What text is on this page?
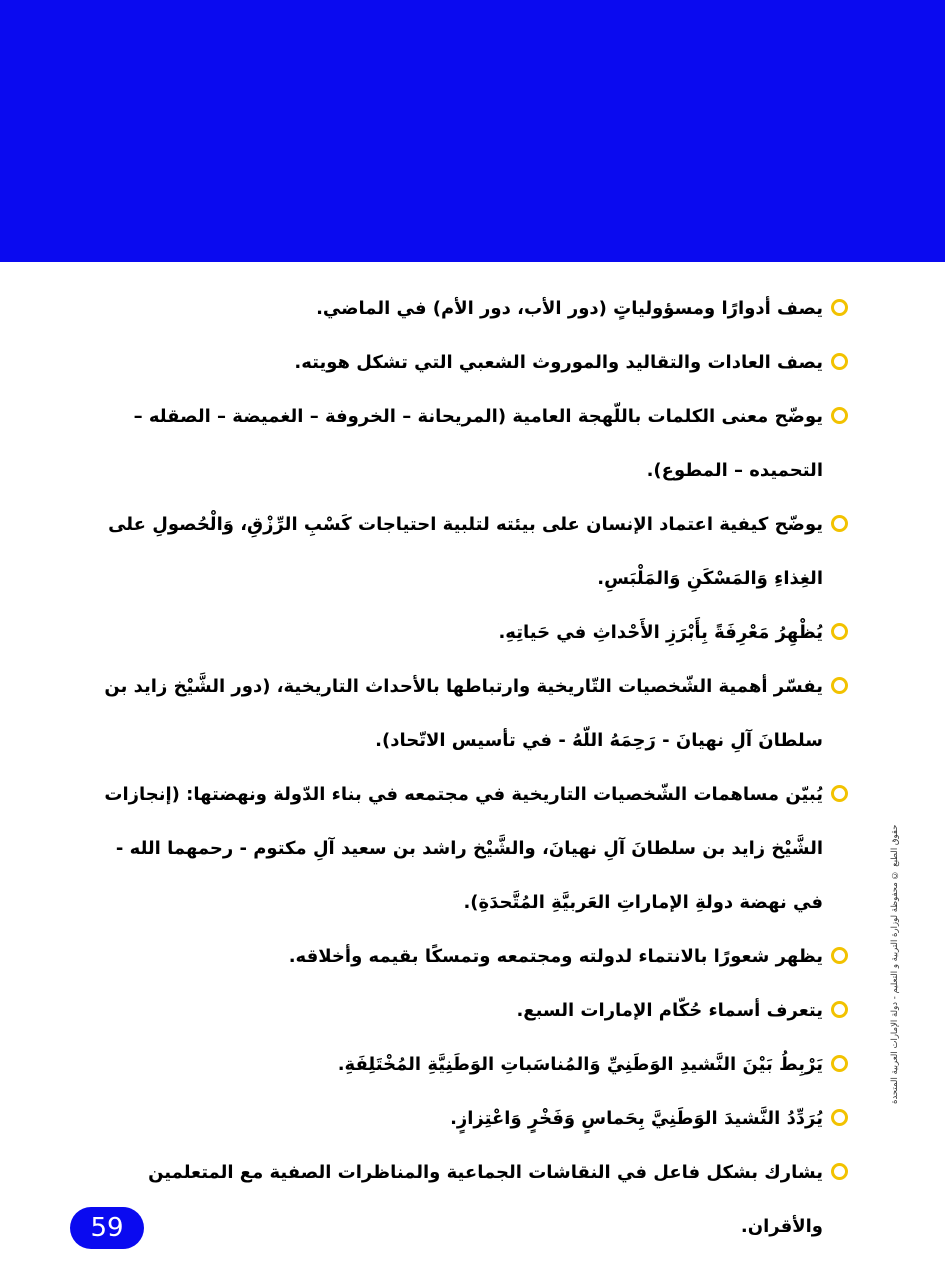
يصف أدوارًا ومسؤولياتٍ (دور الأب، دور الأم) في الماضي.
يصف العادات والتقاليد والموروث الشعبي التي تشكل هويته.
يوضّح معنى الكلمات باللّهجة العامية (المريحانة – الخروفة – الغميضة – الصقله – التحميده – المطوع).
يوضّح كيفية اعتماد الإنسان على بيئته لتلبية احتياجات كَسْبِ الرِّزْقِ، وَالْحُصولِ على الغِذاءِ وَالمَسْكَنِ وَالمَلْبَسِ.
يُظْهِرُ مَعْرِفَةً بِأَبْرَزِ الأَحْداثِ في حَياتِهِ.
يفسّر أهمية الشّخصيات التّاريخية وارتباطها بالأحداث التاريخية، (دور الشَّيْخ زايد بن سلطانَ آلِ نهيانَ - رَحِمَهُ اللّهُ - في تأسيس الاتّحاد).
يُبيّن مساهمات الشّخصيات التاريخية في مجتمعه في بناء الدّولة ونهضتها: (إنجازات الشَّيْخ زايد بن سلطانَ آلِ نهيانَ، والشَّيْخ راشد بن سعيد آلِ مكتوم - رحمهما الله - في نهضة دولةِ الإماراتِ العَربيَّةِ المُتَّحدَةِ).
يظهر شعورًا بالانتماء لدولته ومجتمعه وتمسكًا بقيمه وأخلاقه.
يتعرف أسماء حُكّام الإمارات السبع.
يَرْبِطُ بَيْنَ النَّشيدِ الوَطَنِيِّ وَالمُناسَباتِ الوَطَنِيَّةِ المُخْتَلِفَةِ.
يُرَدِّدُ النَّشيدَ الوَطَنِيَّ بِحَماسٍ وَفَخْرٍ وَاعْتِزازٍ.
يشارك بشكل فاعل في النقاشات الجماعية والمناظرات الصفية مع المتعلمين والأقران.
حقوق الطبع © محفوظة لوزارة التربية و التعليم - دولة الإمارات العربية المتحدة
59
